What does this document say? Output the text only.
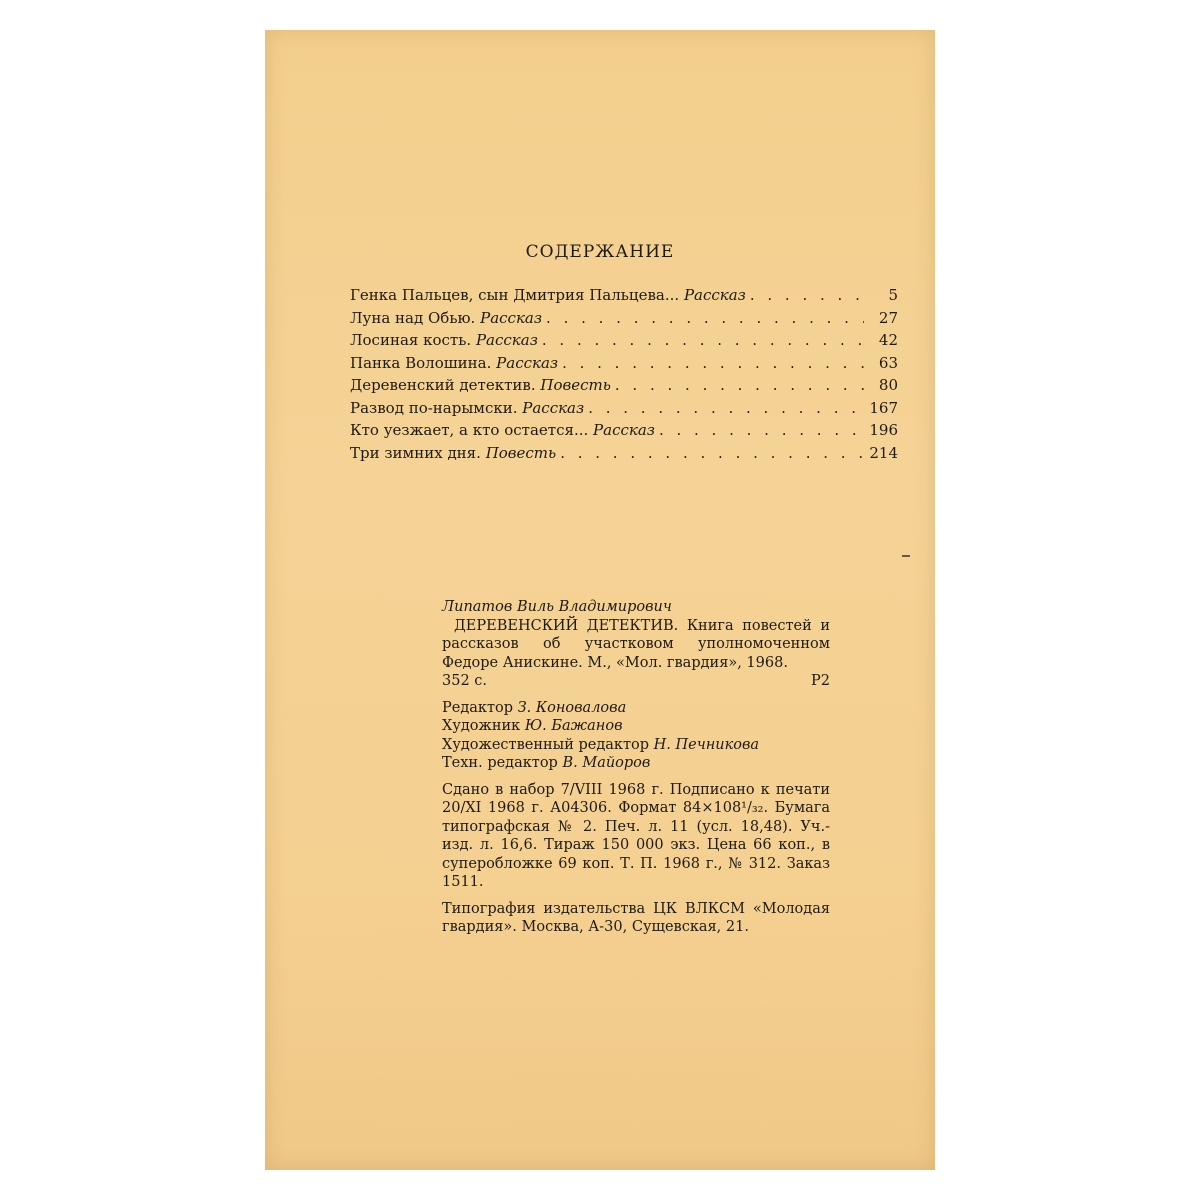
СОДЕРЖАНИЕ
Генка Пальцев, сын Дмитрия Пальцева... Рассказ . . .	5
Луна над Обью. Рассказ . . .	27
Лосиная кость. Рассказ . . .	42
Панка Волошина. Рассказ . . .	63
Деревенский детектив. Повесть . . .	80
Развод по-нарымски. Рассказ . . .	167
Кто уезжает, а кто остается... Рассказ . . .	196
Три зимних дня. Повесть . . .	214
Липатов Виль Владимирович
ДЕРЕВЕНСКИЙ ДЕТЕКТИВ. Книга повестей и рассказов об участковом уполномоченном Федоре Анискине. М., «Мол. гвардия», 1968.
352 с.	Р2
Редактор З. Коновалова
Художник Ю. Бажанов
Художественный редактор Н. Печникова
Техн. редактор В. Майоров
Сдано в набор 7/VIII 1968 г. Подписано к печати 20/XI 1968 г. А04306. Формат 84×108¹/₃₂. Бумага типографская № 2. Печ. л. 11 (усл. 18,48). Уч.-изд. л. 16,6. Тираж 150 000 экз. Цена 66 коп., в суперобложке 69 коп. Т. П. 1968 г., № 312. Заказ 1511.
Типография издательства ЦК ВЛКСМ «Молодая гвардия». Москва, А-30, Сущевская, 21.
